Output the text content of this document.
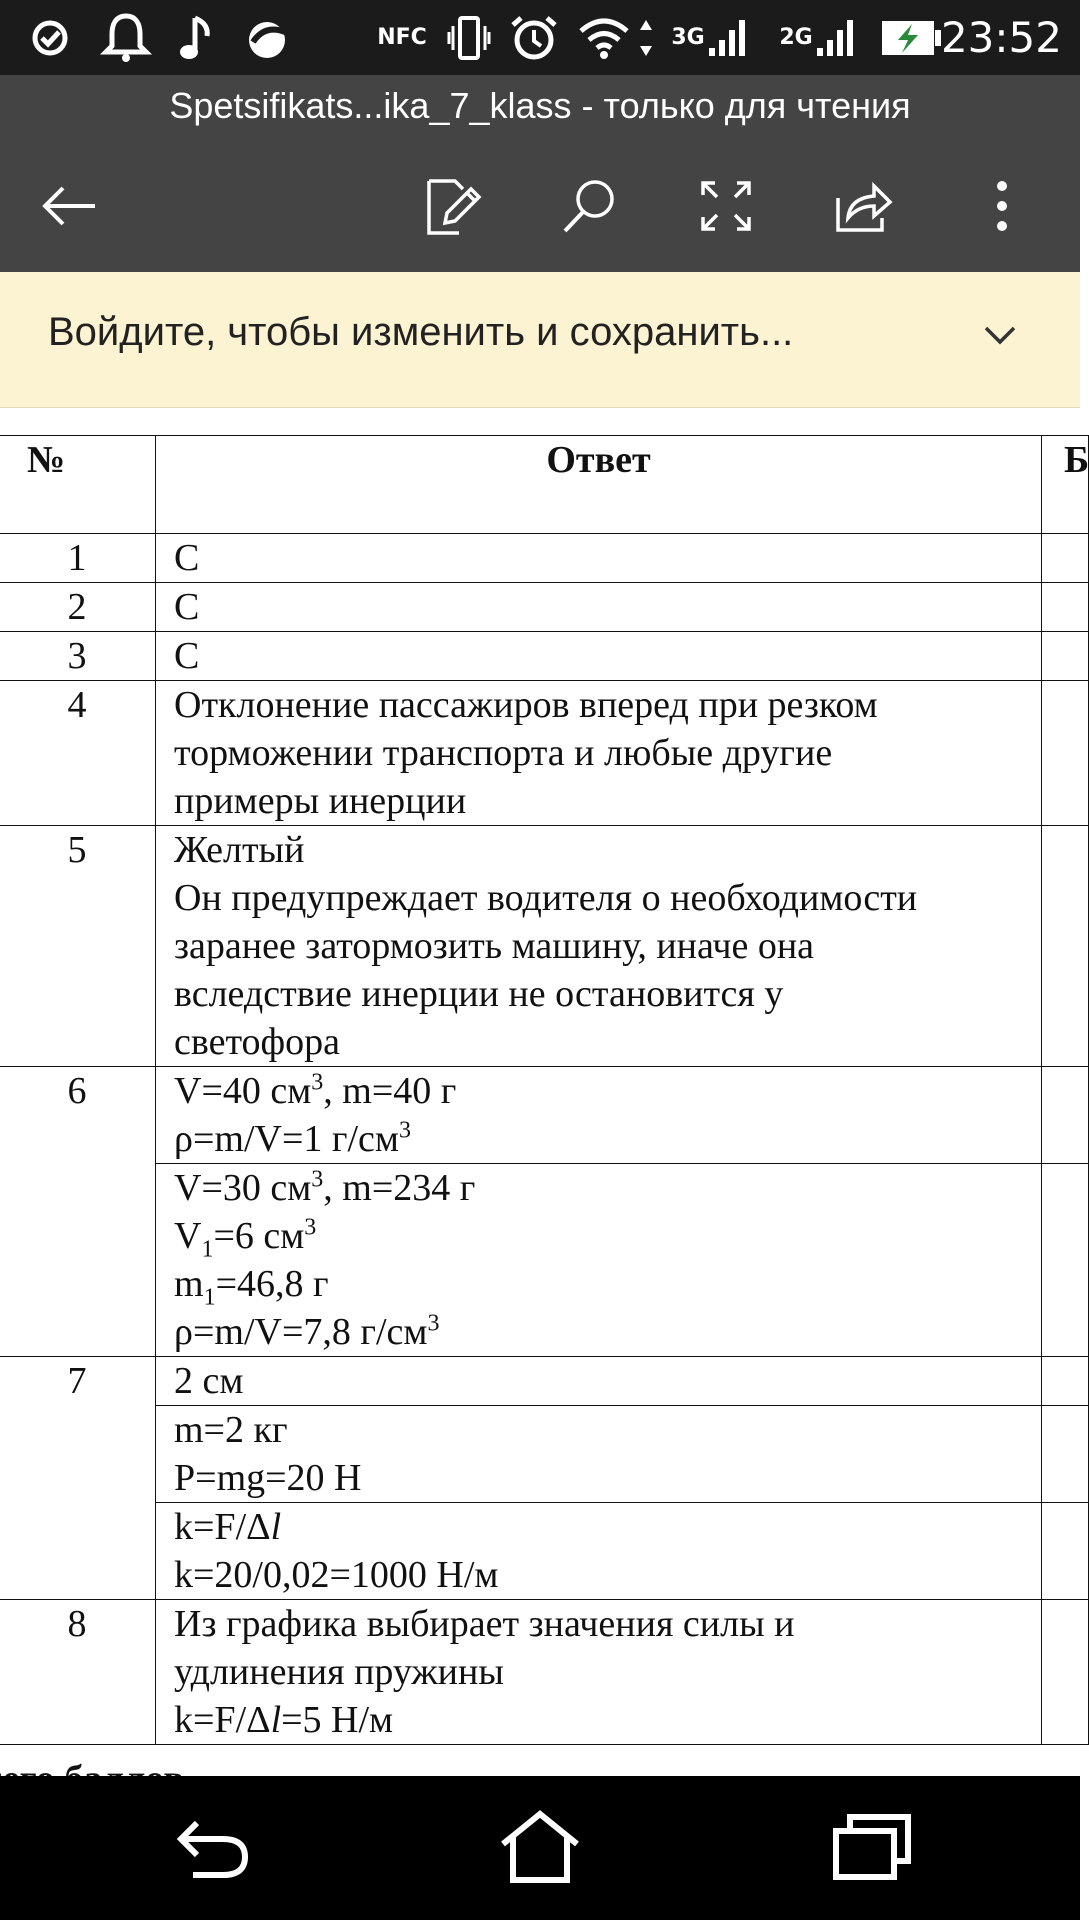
NFC	3G	2G	23:52
Spetsifikats...ika_7_klass - только для чтения
Войдите, чтобы изменить и сохранить...
№	Ответ	Б
1	С	
2	С	
3	С	
4	Отклонение пассажиров вперед при резком
торможении транспорта и любые другие
примеры инерции	

5	Желтый
Он предупреждает водителя о необходимости
заранее затормозить машину, иначе она
вследствие инерции не остановится у
светофора	

6	V=40 $см^3$, m=40 г
ρ=m/V=1 $г/см^3$

	V=30 $см^3$, m=234 г
$V_1=6$ $см^3$
$m_1=46,8$ г
ρ=m/V=7,8 $г/см^3$

7	2 см	

	m=2 кг
P=mg=20 Н	

	k=F/Δl
k=20/0,02=1000 Н/м	

8	Из графика выбирает значения силы и
удлинения пружины
k=F/Δl=5 Н/м	
